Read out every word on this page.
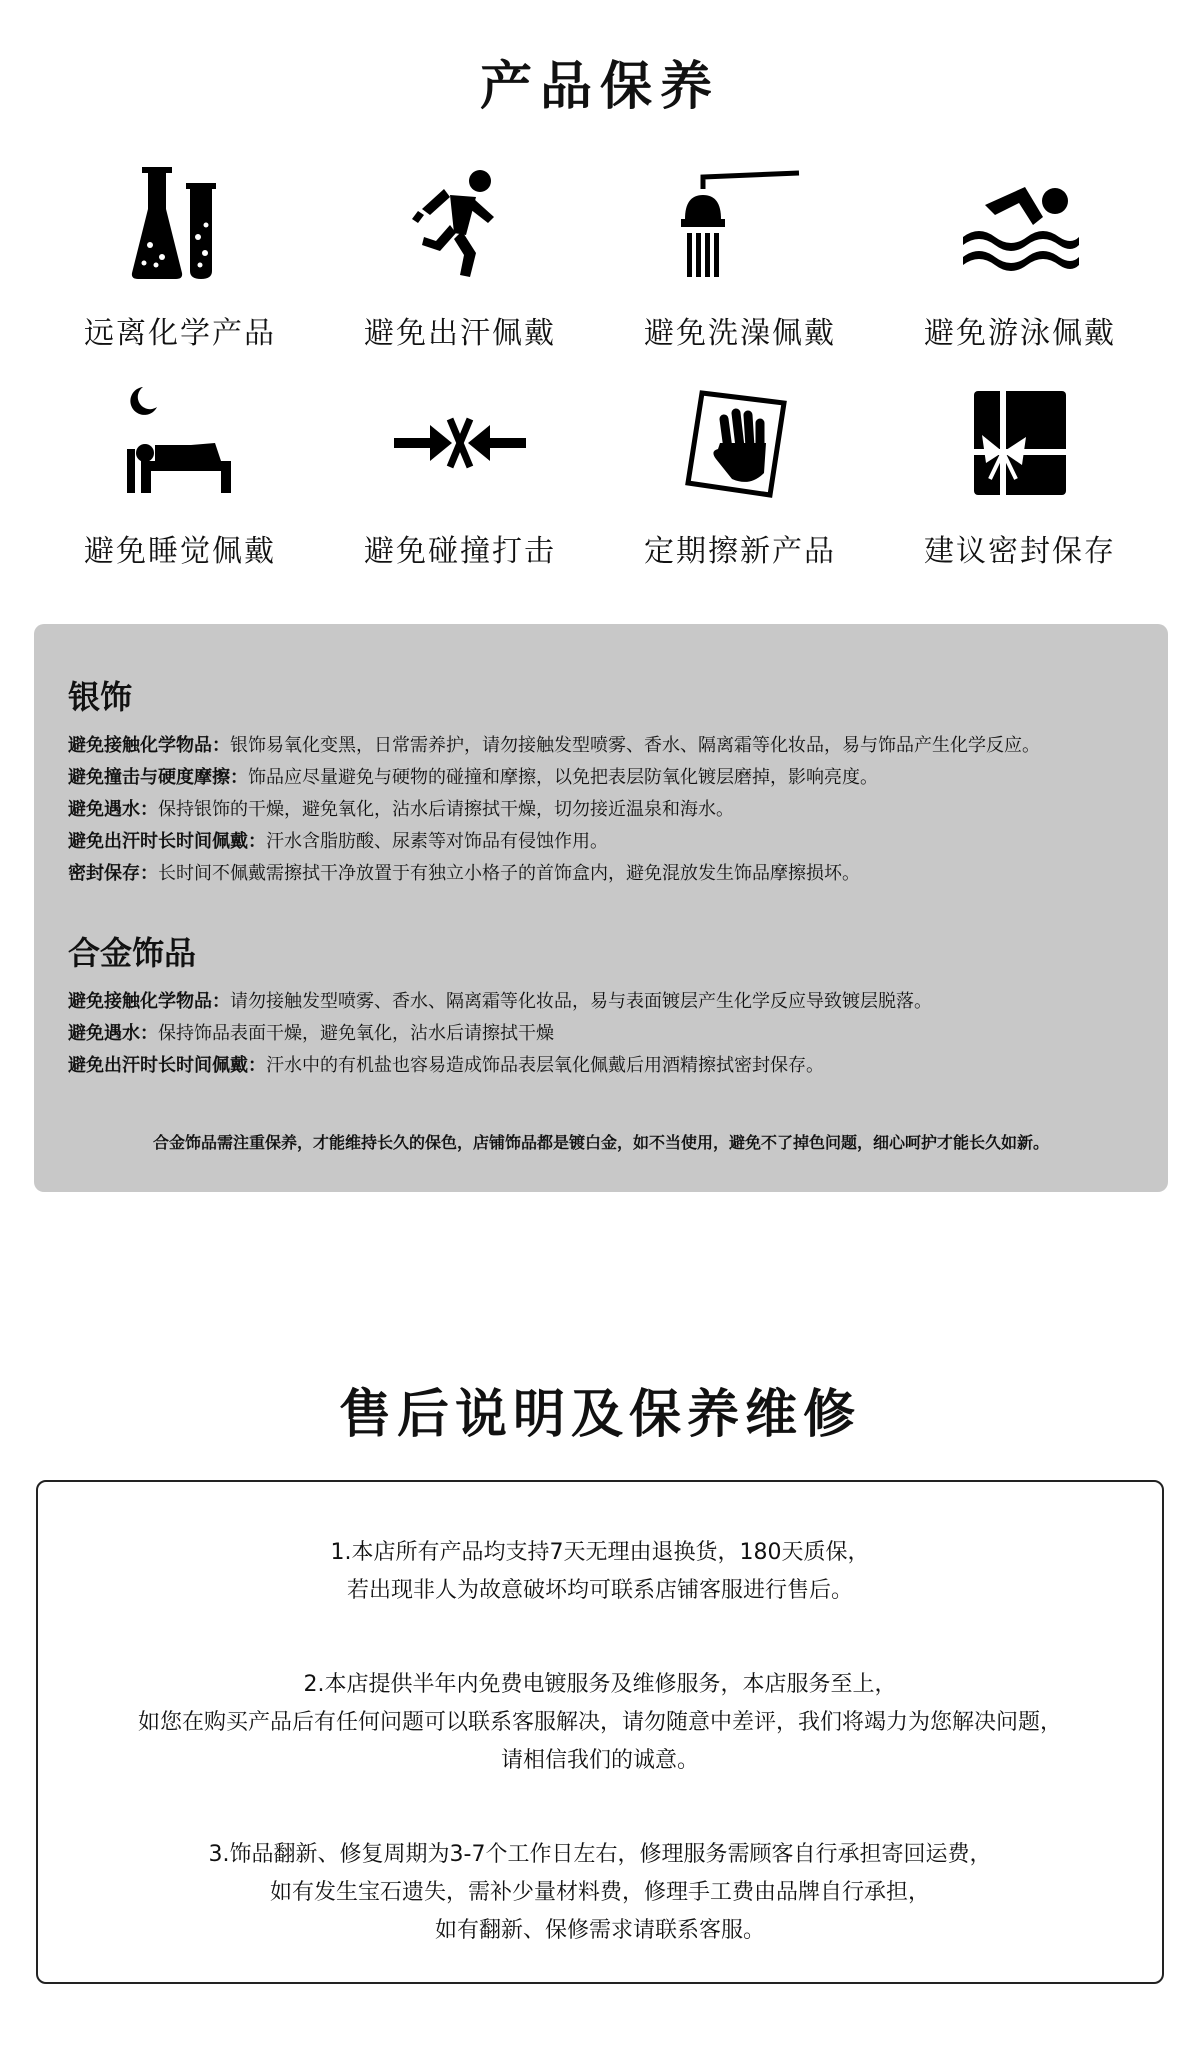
产品保养
远离化学产品	避免出汗佩戴	避免洗澡佩戴	避免游泳佩戴
避免睡觉佩戴	避免碰撞打击	定期擦新产品	建议密封保存
银饰
避免接触化学物品：银饰易氧化变黑，日常需养护，请勿接触发型喷雾、香水、隔离霜等化妆品，易与饰品产生化学反应。
避免撞击与硬度摩擦：饰品应尽量避免与硬物的碰撞和摩擦，以免把表层防氧化镀层磨掉，影响亮度。
避免遇水：保持银饰的干燥，避免氧化，沾水后请擦拭干燥，切勿接近温泉和海水。
避免出汗时长时间佩戴：汗水含脂肪酸、尿素等对饰品有侵蚀作用。
密封保存：长时间不佩戴需擦拭干净放置于有独立小格子的首饰盒内，避免混放发生饰品摩擦损坏。
合金饰品
避免接触化学物品：请勿接触发型喷雾、香水、隔离霜等化妆品，易与表面镀层产生化学反应导致镀层脱落。
避免遇水：保持饰品表面干燥，避免氧化，沾水后请擦拭干燥
避免出汗时长时间佩戴：汗水中的有机盐也容易造成饰品表层氧化佩戴后用酒精擦拭密封保存。
合金饰品需注重保养，才能维持长久的保色，店铺饰品都是镀白金，如不当使用，避免不了掉色问题，细心呵护才能长久如新。
售后说明及保养维修
1.本店所有产品均支持7天无理由退换货，180天质保，
若出现非人为故意破坏均可联系店铺客服进行售后。
2.本店提供半年内免费电镀服务及维修服务，本店服务至上，
如您在购买产品后有任何问题可以联系客服解决，请勿随意中差评，我们将竭力为您解决问题，
请相信我们的诚意。
3.饰品翻新、修复周期为3-7个工作日左右，修理服务需顾客自行承担寄回运费，
如有发生宝石遗失，需补少量材料费，修理手工费由品牌自行承担，
如有翻新、保修需求请联系客服。
